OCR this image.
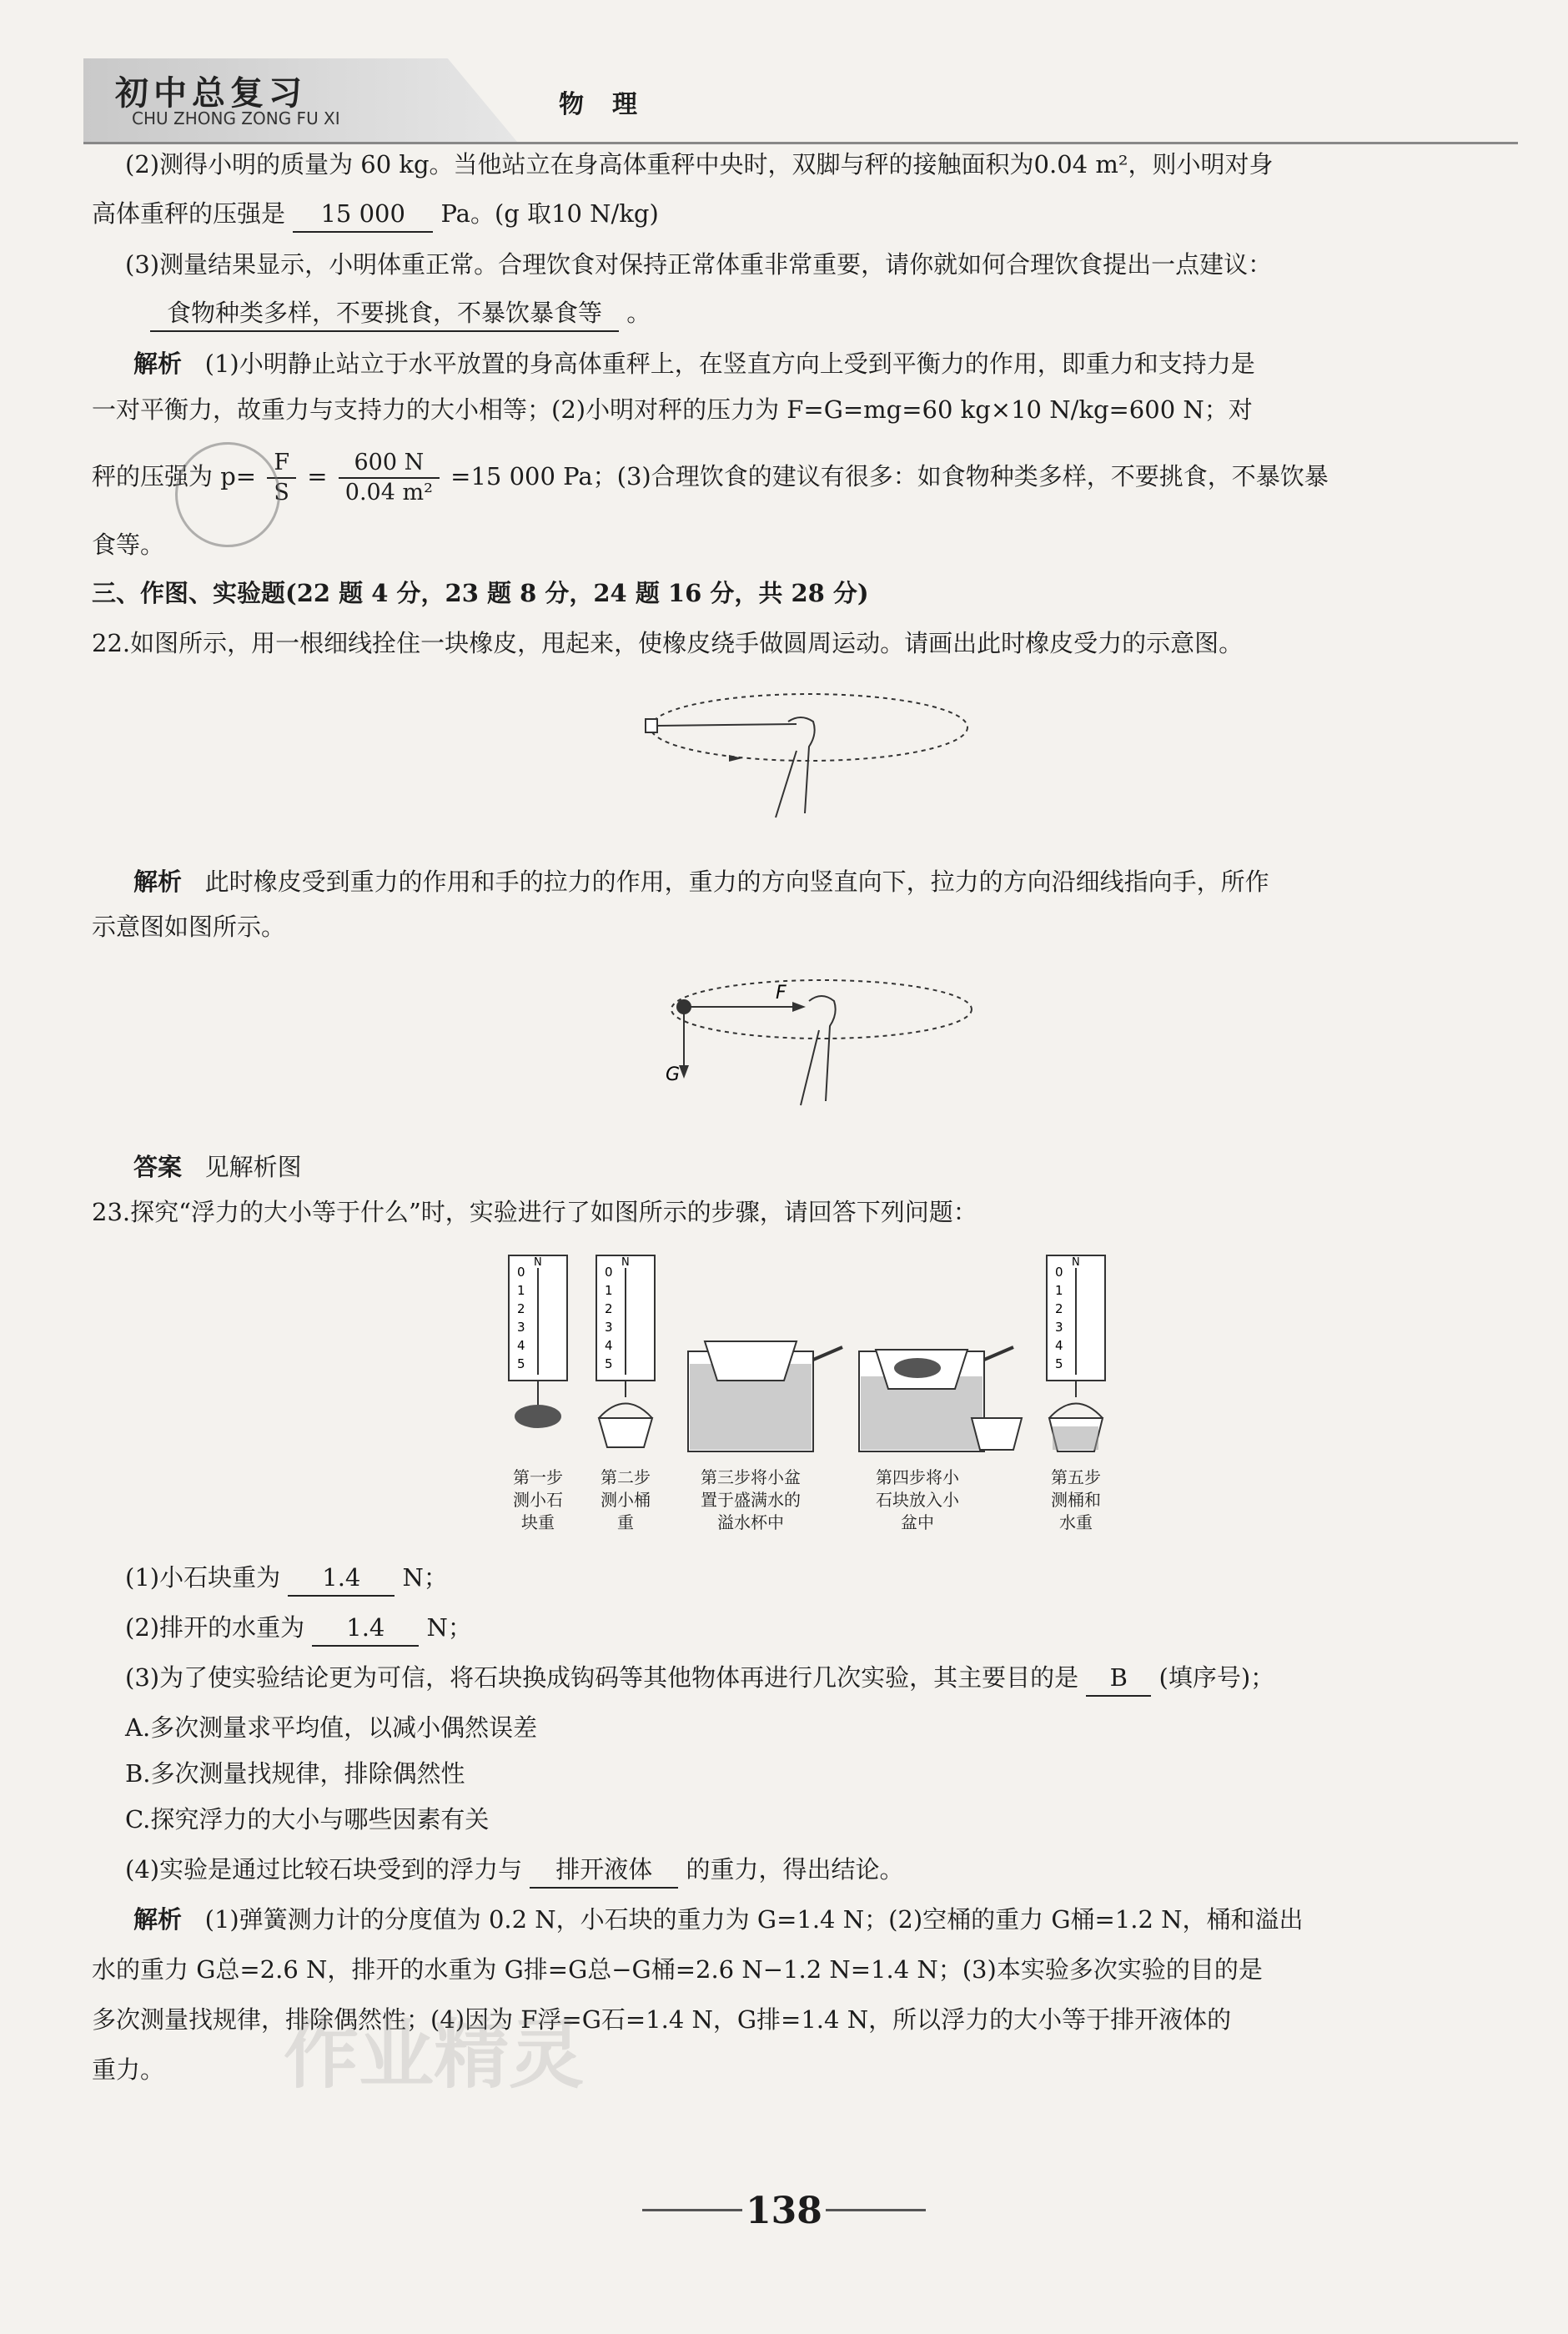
初中总复习
CHU ZHONG ZONG FU XI	物理
(2)测得小明的质量为 60 kg。当他站立在身高体重秤中央时，双脚与秤的接触面积为0.04 m²，则小明对身
高体重秤的压强是 15 000 Pa。(g 取10 N/kg)
(3)测量结果显示，小明体重正常。合理饮食对保持正常体重非常重要，请你就如何合理饮食提出一点建议：
食物种类多样，不要挑食，不暴饮暴食等 。
解析 (1)小明静止站立于水平放置的身高体重秤上，在竖直方向上受到平衡力的作用，即重力和支持力是
一对平衡力，故重力与支持力的大小相等；(2)小明对秤的压力为 F=G=mg=60 kg×10 N/kg=600 N；对
秤的压强为 $p= \frac{F}{S} = \frac{600 N}{\text{0.04 m²}} =15$ 000 Pa；(3)合理饮食的建议有很多：如食物种类多样，不要挑食，不暴饮暴
食等。
三、作图、实验题(22 题 4 分，23 题 8 分，24 题 16 分，共 28 分)
22.如图所示，用一根细线拴住一块橡皮，甩起来，使橡皮绕手做圆周运动。请画出此时橡皮受力的示意图。
解析 此时橡皮受到重力的作用和手的拉力的作用，重力的方向竖直向下，拉力的方向沿细线指向手，所作
示意图如图所示。
F
G
答案 见解析图
23.探究“浮力的大小等于什么”时，实验进行了如图所示的步骤，请回答下列问题：
0
1
2
3
4
5
N
0
1
2
3
4
5
N
0
1
2
3
4
5
N
第一步
测小石
块重
第二步
测小桶
重
第三步将小盆
置于盛满水的
溢水杯中
第四步将小
石块放入小
盆中
第五步
测桶和
水重
(1)小石块重为 1.4 N；
(2)排开的水重为 1.4 N；
(3)为了使实验结论更为可信，将石块换成钩码等其他物体再进行几次实验，其主要目的是 B (填序号)；
A.多次测量求平均值，以减小偶然误差
B.多次测量找规律，排除偶然性
C.探究浮力的大小与哪些因素有关
(4)实验是通过比较石块受到的浮力与 排开液体 的重力，得出结论。
解析 (1)弹簧测力计的分度值为 0.2 N，小石块的重力为 G=1.4 N；(2)空桶的重力 G桶=1.2 N，桶和溢出
水的重力 G总=2.6 N，排开的水重为 G排=G总−G桶=2.6 N−1.2 N=1.4 N；(3)本实验多次实验的目的是
多次测量找规律，排除偶然性；(4)因为 F浮=G石=1.4 N，G排=1.4 N，所以浮力的大小等于排开液体的
重力。 作业精灵
138
